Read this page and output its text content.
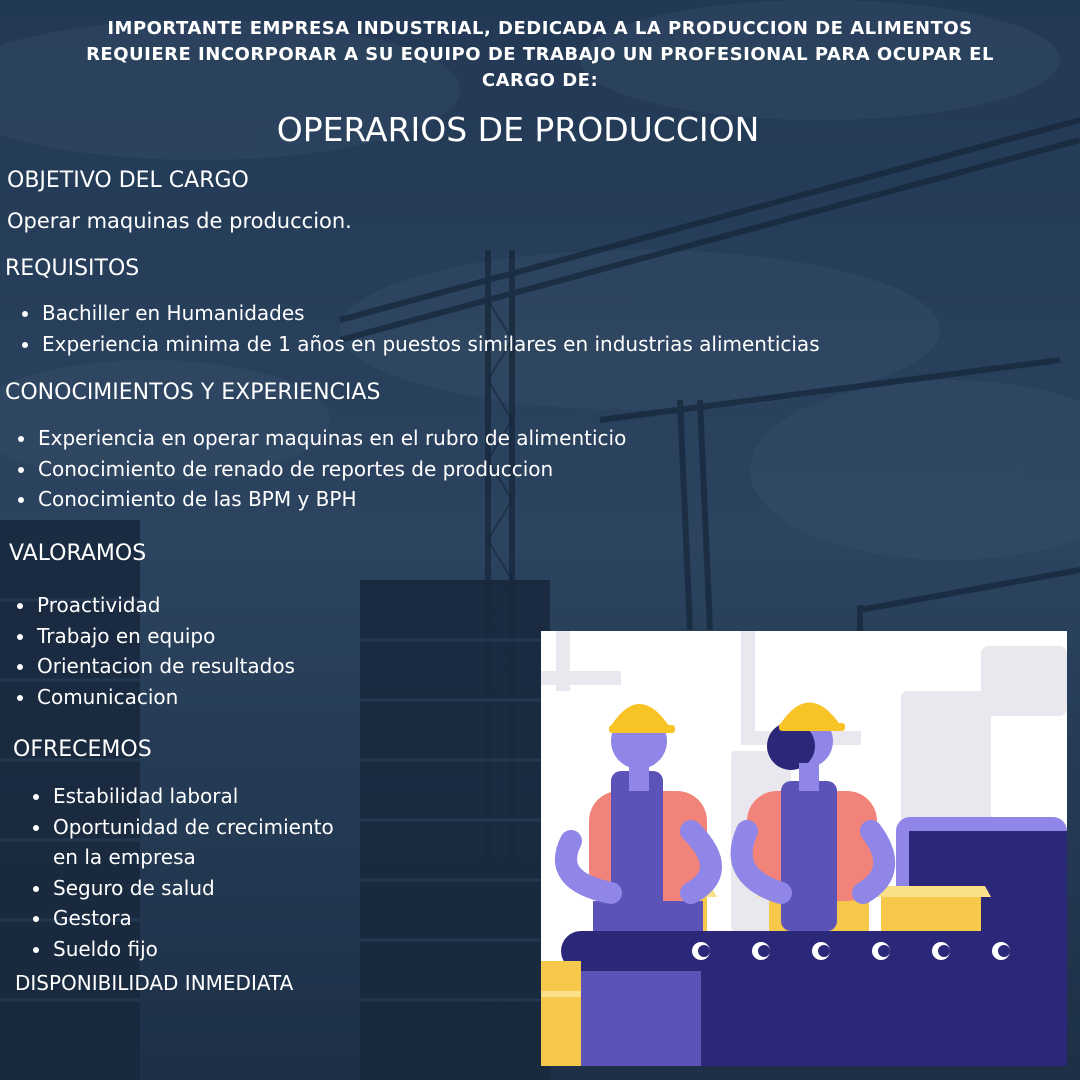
IMPORTANTE EMPRESA INDUSTRIAL, DEDICADA A LA PRODUCCION DE ALIMENTOS
REQUIERE INCORPORAR A SU EQUIPO DE TRABAJO UN PROFESIONAL PARA OCUPAR EL
CARGO DE:
OPERARIOS DE PRODUCCION
OBJETIVO DEL CARGO
Operar maquinas de produccion.
REQUISITOS
Bachiller en Humanidades
Experiencia minima de 1 años en puestos similares en industrias alimenticias
CONOCIMIENTOS Y EXPERIENCIAS
Experiencia en operar maquinas en el rubro de alimenticio
Conocimiento de renado de reportes de produccion
Conocimiento de las BPM y BPH
VALORAMOS
Proactividad
Trabajo en equipo
Orientacion de resultados
Comunicacion
OFRECEMOS
Estabilidad laboral
Oportunidad de crecimiento
en la empresa
Seguro de salud
Gestora
Sueldo fijo
DISPONIBILIDAD INMEDIATA
